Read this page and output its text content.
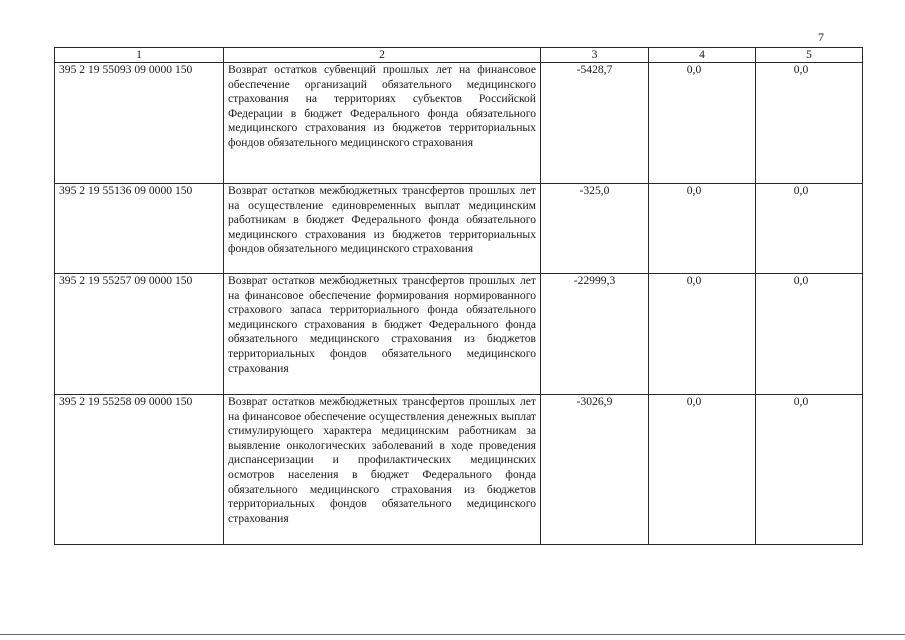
7
1	2	3	4	5
395 2 19 55093 09 0000 150	Возврат остатков субвенций прошлых лет на финансовое обеспечение организаций обязательного медицинского страхования на территориях субъектов Российской Федерации в бюджет Федерального фонда обязательного медицинского страхования из бюджетов территориальных фондов обязательного медицинского страхования	-5428,7	0,0	0,0
395 2 19 55136 09 0000 150	Возврат остатков межбюджетных трансфертов прошлых лет на осуществление единовременных выплат медицинским работникам в бюджет Федерального фонда обязательного медицинского страхования из бюджетов территориальных фондов обязательного медицинского страхования	-325,0	0,0	0,0
395 2 19 55257 09 0000 150	Возврат остатков межбюджетных трансфертов прошлых лет на финансовое обеспечение формирования нормированного страхового запаса территориального фонда обязательного медицинского страхования в бюджет Федерального фонда обязательного медицинского страхования из бюджетов территориальных фондов обязательного медицинского страхования	-22999,3	0,0	0,0
395 2 19 55258 09 0000 150	Возврат остатков межбюджетных трансфертов прошлых лет на финансовое обеспечение осуществления денежных выплат стимулирующего характера медицинским работникам за выявление онкологических заболеваний в ходе проведения диспансеризации и профилактических медицинских осмотров населения в бюджет Федерального фонда обязательного медицинского страхования из бюджетов территориальных фондов обязательного медицинского страхования	-3026,9	0,0	0,0
